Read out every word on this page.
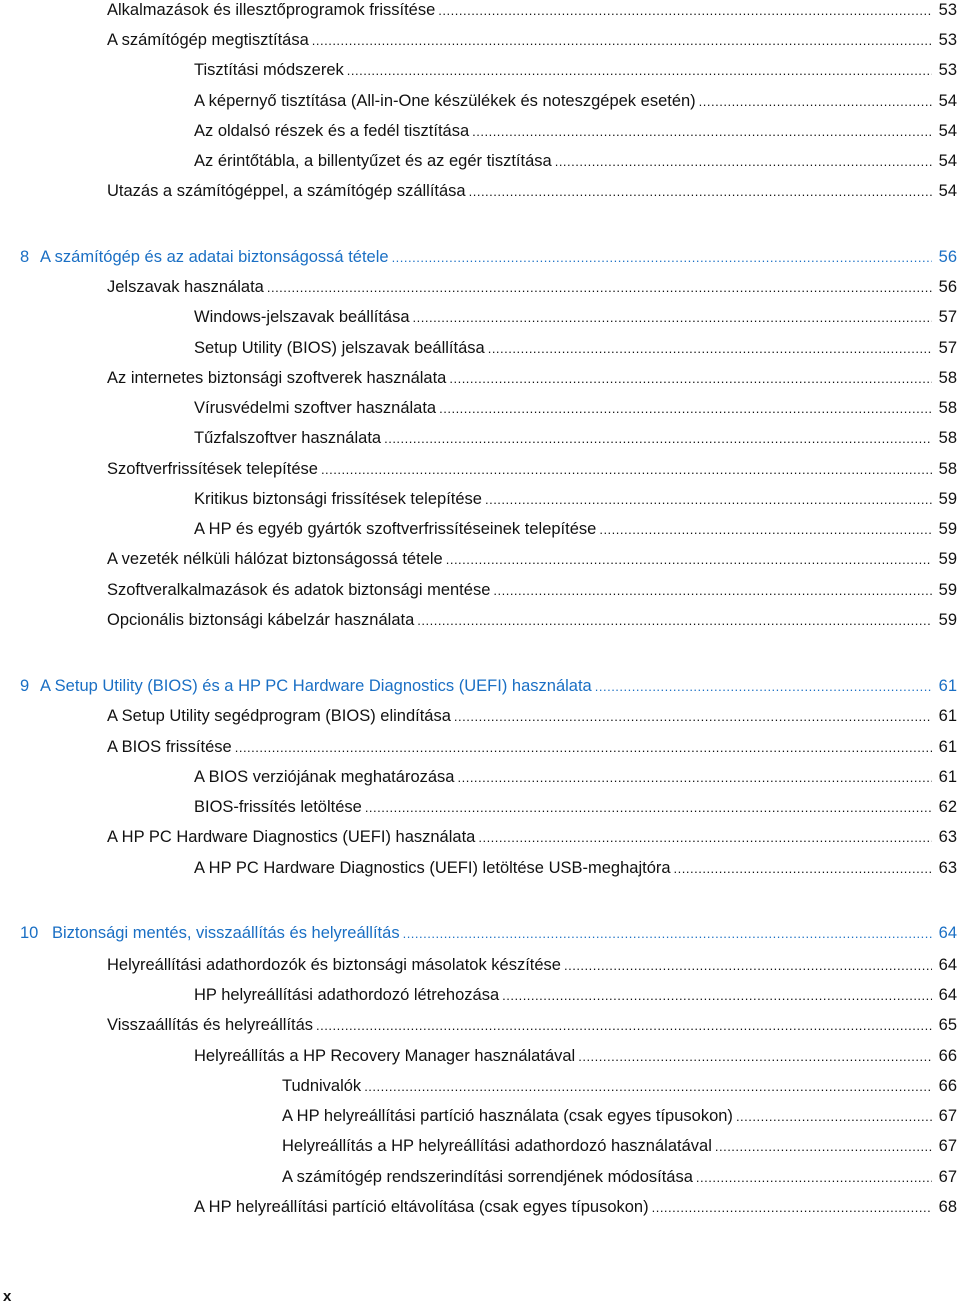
Alkalmazások és illesztőprogramok frissítése .....	53
A számítógép megtisztítása .....	53
Tisztítási módszerek .....	53
A képernyő tisztítása (All-in-One készülékek és noteszgépek esetén) .....	54
Az oldalsó részek és a fedél tisztítása .....	54
Az érintőtábla, a billentyűzet és az egér tisztítása .....	54
Utazás a számítógéppel, a számítógép szállítása .....	54
8 A számítógép és az adatai biztonságossá tétele .....	56
Jelszavak használata .....	56
Windows-jelszavak beállítása .....	57
Setup Utility (BIOS) jelszavak beállítása .....	57
Az internetes biztonsági szoftverek használata .....	58
Vírusvédelmi szoftver használata .....	58
Tűzfalszoftver használata .....	58
Szoftverfrissítések telepítése .....	58
Kritikus biztonsági frissítések telepítése .....	59
A HP és egyéb gyártók szoftverfrissítéseinek telepítése .....	59
A vezeték nélküli hálózat biztonságossá tétele .....	59
Szoftveralkalmazások és adatok biztonsági mentése .....	59
Opcionális biztonsági kábelzár használata .....	59
9 A Setup Utility (BIOS) és a HP PC Hardware Diagnostics (UEFI) használata .....	61
A Setup Utility segédprogram (BIOS) elindítása .....	61
A BIOS frissítése .....	61
A BIOS verziójának meghatározása .....	61
BIOS-frissítés letöltése .....	62
A HP PC Hardware Diagnostics (UEFI) használata .....	63
A HP PC Hardware Diagnostics (UEFI) letöltése USB-meghajtóra .....	63
10 Biztonsági mentés, visszaállítás és helyreállítás .....	64
Helyreállítási adathordozók és biztonsági másolatok készítése .....	64
HP helyreállítási adathordozó létrehozása .....	64
Visszaállítás és helyreállítás .....	65
Helyreállítás a HP Recovery Manager használatával .....	66
Tudnivalók .....	66
A HP helyreállítási partíció használata (csak egyes típusokon) .....	67
Helyreállítás a HP helyreállítási adathordozó használatával .....	67
A számítógép rendszerindítási sorrendjének módosítása .....	67
A HP helyreállítási partíció eltávolítása (csak egyes típusokon) .....	68
x
